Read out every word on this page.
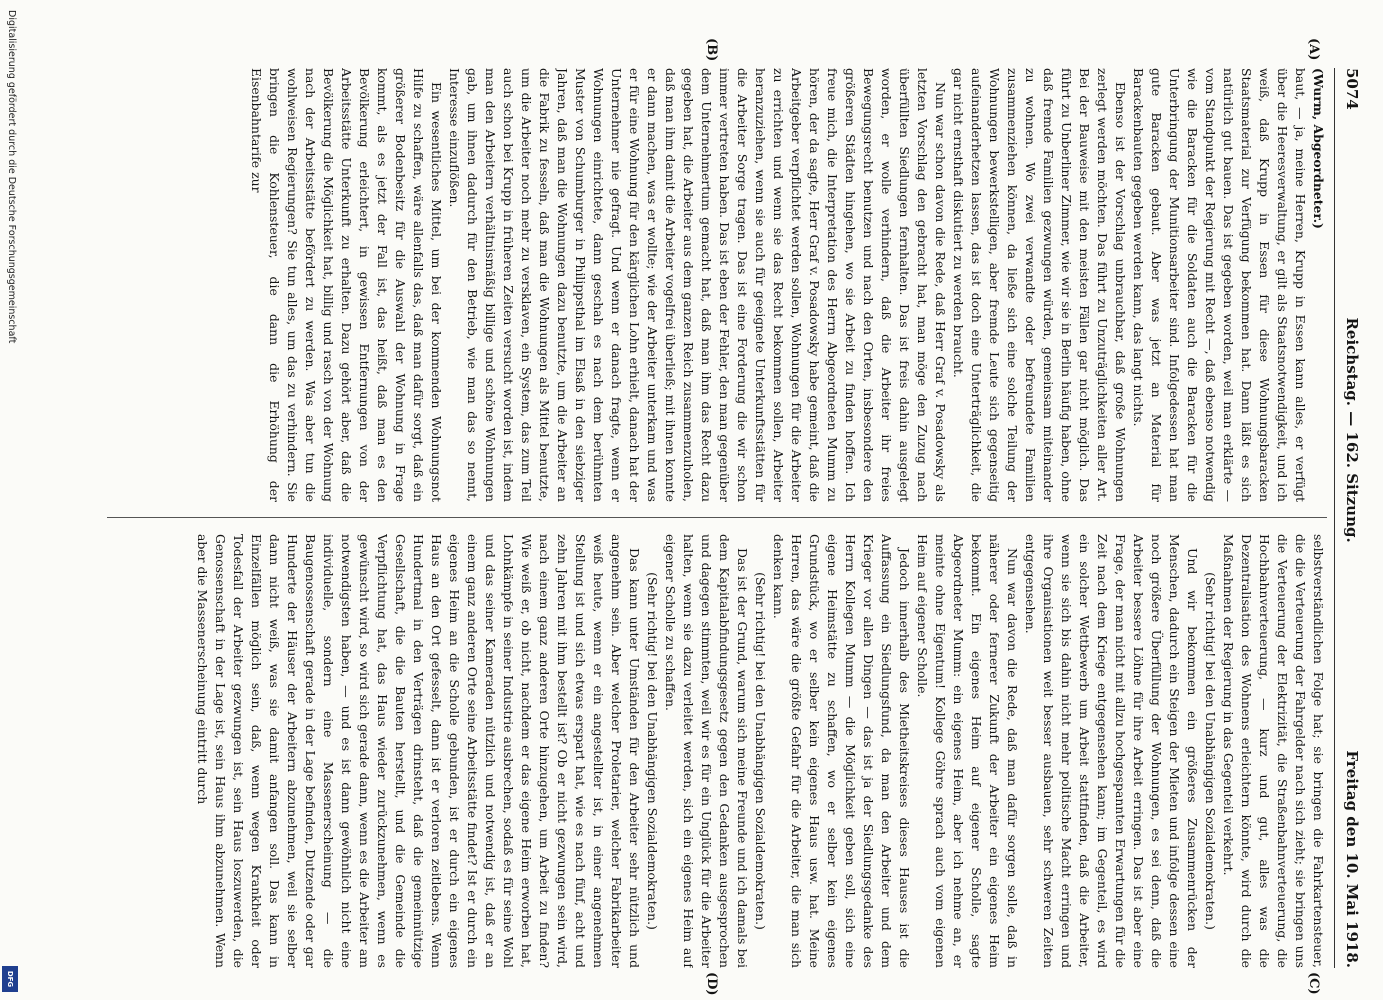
5074
Reichstag. — 162. Sitzung.
Freitag den 10. Mai 1918.
(A)
(B)
(C)
(D)

(Wurm, Abgeordneter.)

baut, — ja, meine Herren, Krupp in Essen kann alles, er verfügt über die Heeresverwaltung, er gilt als Staatsnotwendigkeit, und ich weiß, daß Krupp in Essen für diese Wohnungsbaracken Staatsmaterial zur Verfügung bekommen hat. Dann läßt es sich natürlich gut bauen. Das ist gegeben worden, weil man erklärte — vom Standpunkt der Regierung mit Recht —, daß ebenso notwendig wie die Baracken für die Soldaten auch die Baracken für die Unterbringung der Munitionsarbeiter sind. Infolgedessen hat man gute Baracken gebaut. Aber was jetzt an Material für Barackenbauten gegeben werden kann, das langt nichts.

Ebenso ist der Vorschlag unbrauchbar, daß große Wohnungen zerlegt werden möchten. Das führt zu Unzuträglichkeiten aller Art. Bei der Bauweise mit den meisten Fällen gar nicht möglich. Das führt zu Unberliner Zimmer, wie wir sie in Berlin häufig haben, ohne daß fremde Familien gezwungen würden, gemeinsam miteinander zu wohnen. Wo zwei verwandte oder befreundete Familien zusammenziehen können, da ließe sich eine solche Teilung der Wohnungen bewerkstelligen, aber fremde Leute sich gegenseitig aufeinanderhetzen lassen, das ist doch eine Unterträglichkeit, die gar nicht ernsthaft diskutiert zu werden braucht.

Nun war schon davon die Rede, daß Herr Graf v. Posadowsky als letzten Vorschlag den gebracht hat, man möge den Zuzug nach überfüllten Siedlungen fernhalten. Das ist freis dahin ausgelegt worden, er wolle verhindern, daß die Arbeiter ihr freies Bewegungsrecht benutzen und nach den Orten, insbesondere den größeren Städten hingehen, wo sie Arbeit zu finden hoffen. Ich freue mich, die Interpretation des Herrn Abgeordneten Mumm zu hören, der da sagte, Herr Graf v. Posadowsky habe gemeint, daß die Arbeitgeber verpflichtet werden sollen, Wohnungen für die Arbeiter zu errichten und wenn sie das Recht bekommen sollen, Arbeiter heranzuziehen, wenn sie auch für geeignete Unterkunftsstätten für die Arbeiter Sorge tragen. Das ist eine Forderung die wir schon immer vertreten haben. Das ist eben der Fehler, den man gegenüber dem Unternehmertum gemacht hat, daß man ihm das Recht dazu gegeben hat, die Arbeiter aus dem ganzen Reich zusammenzuholen, daß man ihm damit die Arbeiter vogelfrei überließ; mit ihnen konnte er dann machen, was er wollte; wie der Arbeiter unterkam und was er für eine Wohnung für den kärglichen Lohn erhielt, danach hat der Unternehmer nie gefragt. Und wenn er danach fragte, wenn er Wohnungen einrichtete, dann geschah es nach dem berühmten Muster von Schumburger in Philippsthal im Elsaß in den siebziger Jahren, daß man die Wohnungen dazu benutzte, um die Arbeiter an die Fabrik zu fesseln, daß man die Wohnungen als Mittel benutzte, um die Arbeiter noch mehr zu versklaven, ein System, das zum Teil auch schon bei Krupp in früheren Zeiten versucht worden ist, indem man den Arbeitern verhältnismäßig billige und schöne Wohnungen gab, um ihnen dadurch für den Betrieb, wie man das so nennt, Interesse einzuflößen.

Ein wesentliches Mittel, um bei der kommenden Wohnungsnot Hilfe zu schaffen, wäre allenfalls das, daß man dafür sorgt, daß ein größerer Bodenbesitz für die Auswahl der Wohnung in Frage kommt, als es jetzt der Fall ist, das heißt, daß man es den Bevölkerung erleichtert, in gewissen Entfernungen von der Arbeitsstätte Unterkunft zu erhalten. Dazu gehört aber, daß die Bevölkerung die Möglichkeit hat, billig und rasch von der Wohnung nach der Arbeitsstätte befördert zu werden. Was aber tun die wohlweisen Regierungen? Sie tun alles, um das zu verhindern. Sie bringen die Kohlensteuer, die dann die Erhöhung der Eisenbahntarife zur

selbstverständlichen Folge hat; sie bringen die Fahrkartensteuer, die die Verteuerung der Fahrgelder nach sich zieht; sie bringen uns die Verteuerung der Elektrizität, die Straßenbahnverteuerung, die Hochbahnverteuerung, — kurz und gut, alles was die Dezentralisation des Wohnens erleichtern könnte, wird durch die Maßnahmen der Regierung in das Gegenteil verkehrt.

(Sehr richtig! bei den Unabhängigen Sozialdemokraten.)

Und wir bekommen ein größeres Zusammenrücken der Menschen, dadurch ein Steigen der Mieten und infolge dessen eine noch größere Überfüllung der Wohnungen, es sei denn, daß die Arbeiter bessere Löhne für ihre Arbeit erringen. Das ist aber eine Frage, der man nicht mit allzu hochgespannten Erwartungen für die Zeit nach dem Kriege entgegensehen kann; im Gegenteil, es wird ein solcher Wettbewerb um Arbeit stattfinden, daß die Arbeiter, wenn sie sich bis dahin nicht mehr politische Macht erringen und ihre Organisationen weit besser ausbauen, sehr schweren Zeiten entgegensehen.

Nun war davon die Rede, daß man dafür sorgen solle, daß in näherer oder fernerer Zukunft der Arbeiter ein eigenes Heim bekommt. Ein eigenes Heim auf eigener Scholle, sagte Abgeordneter Mumm: ein eigenes Heim, aber ich nehme an, er meinte ohne Eigentum! Kollege Göhre sprach auch vom eigenen Heim auf eigener Scholle.

Jedoch innerhalb des Mietheitskreises dieses Hauses ist die Auffassung ein Siedlungsfund, da man den Arbeiter und dem Krieger vor allen Dingen — das ist ja der Siedlungsgedanke des Herrn Kollegen Mumm — die Möglichkeit geben soll, sich eine eigene Heimstätte zu schaffen, wo er selber kein eigenes Grundstück, wo er selber kein eigenes Haus usw. hat. Meine Herren, das wäre die größte Gefahr für die Arbeiter, die man sich denken kann.

(Sehr richtig! bei den Unabhängigen Sozialdemokraten.)

Das ist der Grund, warum sich meine Freunde und ich damals bei dem Kapitalabfindungsgesetz gegen den Gedanken ausgesprochen und dagegen stimmten, weil wir es für ein Unglück für die Arbeiter halten, wenn sie dazu verleitet werden, sich ein eigenes Heim auf eigener Scholle zu schaffen.

(Sehr richtig! bei den Unabhängigen Sozialdemokraten.)

Das kann unter Umständen für den Arbeiter sehr nützlich und angenehm sein. Aber welcher Proletarier, welcher Fabrikarbeiter weiß heute, wenn er ein angestellter ist, in einer angenehmen Stellung ist und sich etwas erspart hat, wie es nach fünf, acht und zehn Jahren mit ihm bestellt ist? Ob er nicht gezwungen sein wird, nach einem ganz anderen Orte hinzugehen, um Arbeit zu finden? Wie weiß er, ob nicht, nachdem er das eigene Heim erworben hat, Lohnkämpfe in seiner Industrie ausbrechen, sodaß es für seine Wohl und das seiner Kameraden nützlich und notwendig ist, daß er an einem ganz anderen Orte seine Arbeitsstätte findet? Ist er durch ein eigenes Heim an die Scholle gebunden, ist er durch ein eigenes Haus an den Ort gefesselt, dann ist er verloren zeitlebens. Wenn Hundertmal in den Verträgen drinsteht, daß die gemeinnützige Gesellschaft, die die Bauten herstellt, und die Gemeinde die Verpflichtung hat, das Haus wieder zurückzunehmen, wenn es gewünscht wird, so wird sich gerade dann, wenn es die Arbeiter am notwendigsten haben, — und es ist dann gewöhnlich nicht eine individuelle, sondern eine Massenerscheinung — die Baugenossenschaft gerade in der Lage befinden, Dutzende oder gar Hunderte der Häuser der Arbeitern abzunehmen, weil sie selber dann nicht weiß, was sie damit anfangen soll. Das kann in Einzelfällen möglich sein, daß, wenn wegen Krankheit oder Todesfall der Arbeiter gezwungen ist, sein Haus loszuwerden, die Genossenschaft in der Lage ist, sein Haus ihm abzunehmen. Wenn aber die Massenerscheinung eintritt durch

Digitalisierung gefördert durch die Deutsche Forschungsgemeinschaft
DFG
